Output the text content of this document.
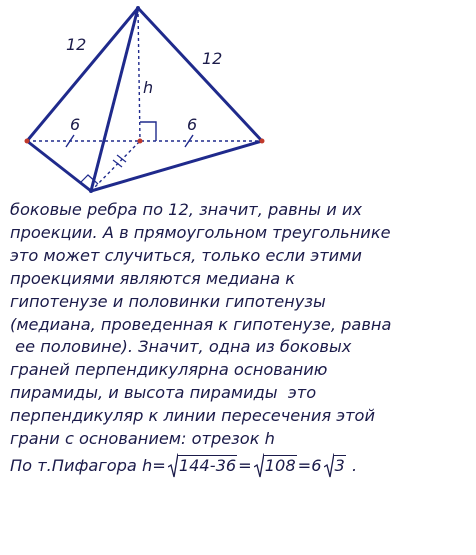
12
12
h
6	6
боковые ребра по 12, значит, равны и их
проекции. А в прямоугольном треугольнике
это может случиться, только если этими
проекциями являются медиана к
гипотенузе и половинки гипотенузы
(медиана, проведенная к гипотенузе, равна
ее половине). Значит, одна из боковых
граней перпендикулярна основанию
пирамиды, и высота пирамиды  это
перпендикуляр к линии пересечения этой
грани с основанием: отрезок h
По т.Пифагора h= 144-36 = 108 =6 3 .
